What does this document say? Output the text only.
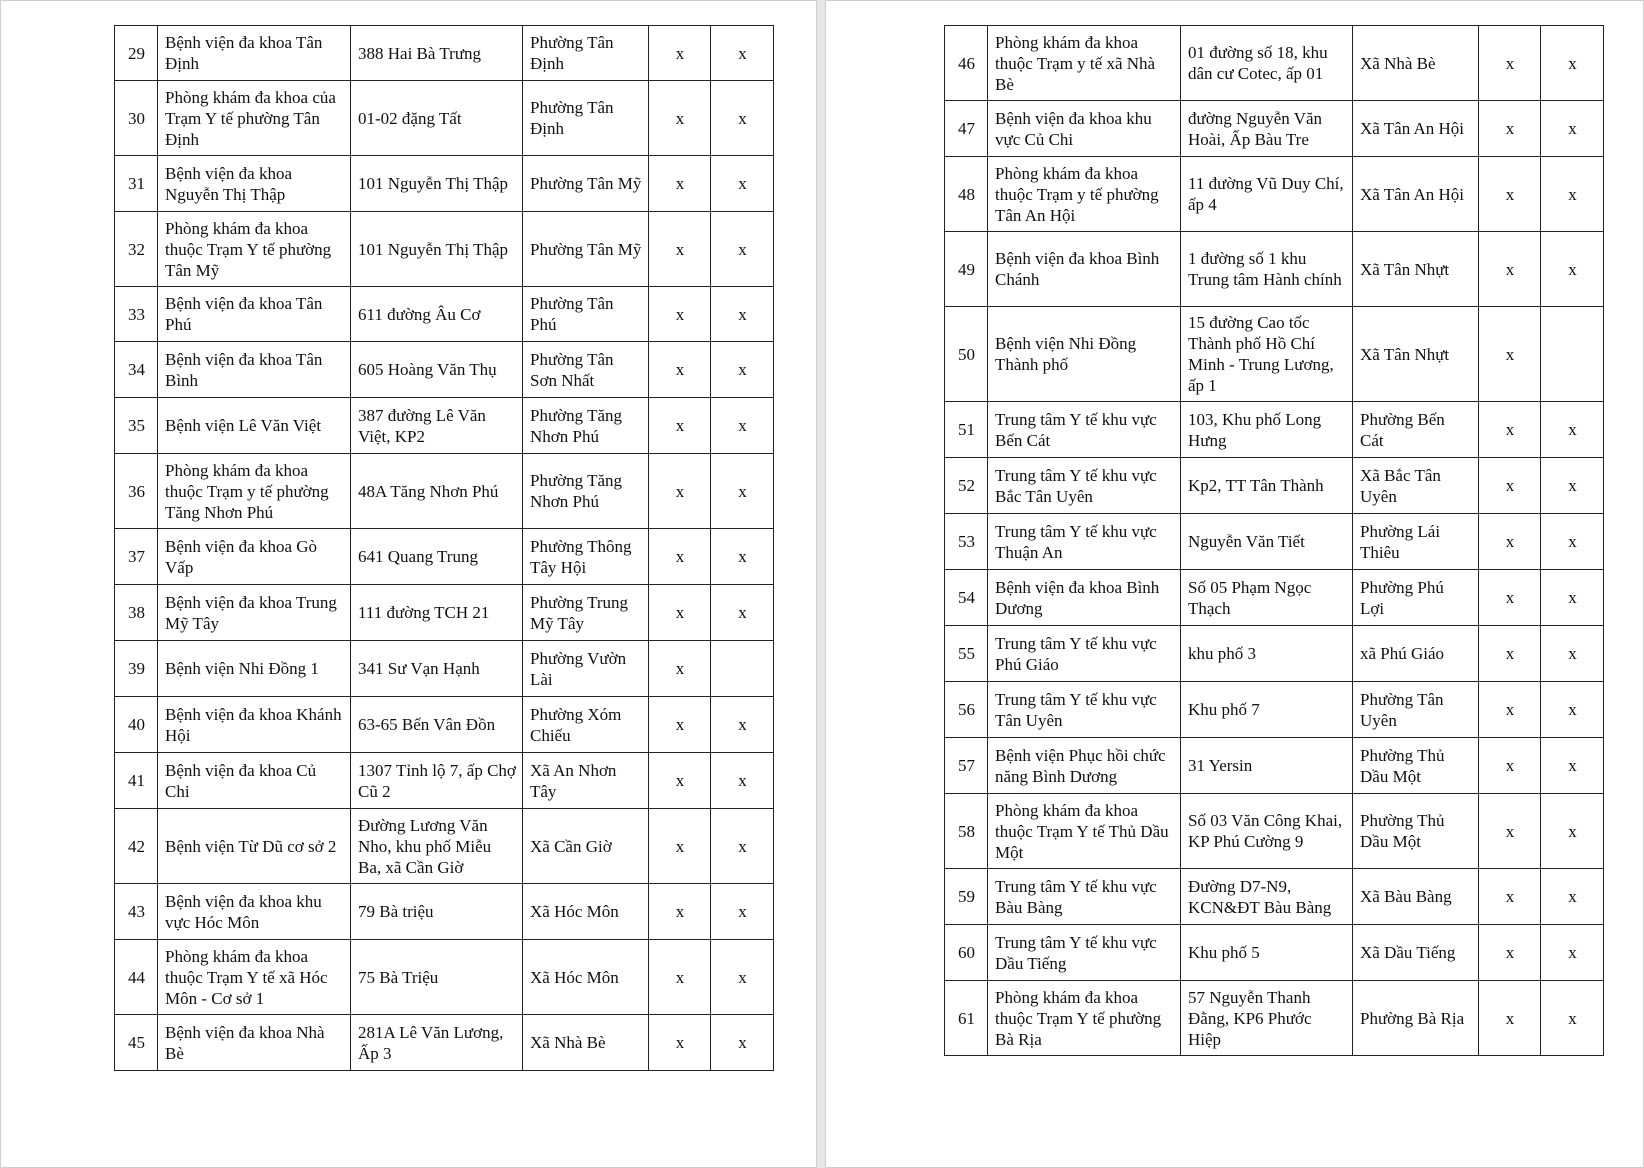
29	Bệnh viện đa khoa Tân Định	388 Hai Bà Trưng	Phường Tân Định	x	x
30	Phòng khám đa khoa của Trạm Y tế phường Tân Định	01-02 đặng Tất	Phường Tân Định	x	x
31	Bệnh viện đa khoa Nguyễn Thị Thập	101 Nguyễn Thị Thập	Phường Tân Mỹ	x	x
32	Phòng khám đa khoa thuộc Trạm Y tế phường Tân Mỹ	101 Nguyễn Thị Thập	Phường Tân Mỹ	x	x
33	Bệnh viện đa khoa Tân Phú	611 đường Âu Cơ	Phường Tân Phú	x	x
34	Bệnh viện đa khoa Tân Bình	605 Hoàng Văn Thụ	Phường Tân Sơn Nhất	x	x
35	Bệnh viện Lê Văn Việt	387 đường Lê Văn Việt, KP2	Phường Tăng Nhơn Phú	x	x
36	Phòng khám đa khoa thuộc Trạm y tế phường Tăng Nhơn Phú	48A Tăng Nhơn Phú	Phường Tăng Nhơn Phú	x	x
37	Bệnh viện đa khoa Gò Vấp	641 Quang Trung	Phường Thông Tây Hội	x	x
38	Bệnh viện đa khoa Trung Mỹ Tây	111 đường TCH 21	Phường Trung Mỹ Tây	x	x
39	Bệnh viện Nhi Đồng 1	341 Sư Vạn Hạnh	Phường Vườn Lài	x	
40	Bệnh viện đa khoa Khánh Hội	63-65 Bến Vân Đồn	Phường Xóm Chiếu	x	x
41	Bệnh viện đa khoa Củ Chi	1307 Tỉnh lộ 7, ấp Chợ Cũ 2	Xã An Nhơn Tây	x	x
42	Bệnh viện Từ Dũ cơ sở 2	Đường Lương Văn Nho, khu phố Miễu Ba, xã Cần Giờ	Xã Cần Giờ	x	x
43	Bệnh viện đa khoa khu vực Hóc Môn	79 Bà triệu	Xã Hóc Môn	x	x
44	Phòng khám đa khoa thuộc Trạm Y tế xã Hóc Môn - Cơ sở 1	75 Bà Triệu	Xã Hóc Môn	x	x
45	Bệnh viện đa khoa Nhà Bè	281A Lê Văn Lương, Ấp 3	Xã Nhà Bè	x	x
46	Phòng khám đa khoa thuộc Trạm y tế xã Nhà Bè	01 đường số 18, khu dân cư Cotec, ấp 01	Xã Nhà Bè	x	x
47	Bệnh viện đa khoa khu vực Củ Chi	đường Nguyễn Văn Hoài, Ấp Bàu Tre	Xã Tân An Hội	x	x
48	Phòng khám đa khoa thuộc Trạm y tế phường Tân An Hội	11 đường Vũ Duy Chí, ấp 4	Xã Tân An Hội	x	x
49	Bệnh viện đa khoa Bình Chánh	1 đường số 1 khu Trung tâm Hành chính	Xã Tân Nhựt	x	x
50	Bệnh viện Nhi Đồng Thành phố	15 đường Cao tốc Thành phố Hồ Chí Minh - Trung Lương, ấp 1	Xã Tân Nhựt	x	
51	Trung tâm Y tế khu vực Bến Cát	103, Khu phố Long Hưng	Phường Bến Cát	x	x
52	Trung tâm Y tế khu vực Bắc Tân Uyên	Kp2, TT Tân Thành	Xã Bắc Tân Uyên	x	x
53	Trung tâm Y tế khu vực Thuận An	Nguyễn Văn Tiết	Phường Lái Thiêu	x	x
54	Bệnh viện đa khoa Bình Dương	Số 05 Phạm Ngọc Thạch	Phường Phú Lợi	x	x
55	Trung tâm Y tế khu vực Phú Giáo	khu phố 3	xã Phú Giáo	x	x
56	Trung tâm Y tế khu vực Tân Uyên	Khu phố 7	Phường Tân Uyên	x	x
57	Bệnh viện Phục hồi chức năng Bình Dương	31 Yersin	Phường Thủ Dầu Một	x	x
58	Phòng khám đa khoa thuộc Trạm Y tế Thủ Dầu Một	Số 03 Văn Công Khai, KP Phú Cường 9	Phường Thủ Dầu Một	x	x
59	Trung tâm Y tế khu vực Bàu Bàng	Đường D7-N9, KCN&ĐT Bàu Bàng	Xã Bàu Bàng	x	x
60	Trung tâm Y tế khu vực Dầu Tiếng	Khu phố 5	Xã Dầu Tiếng	x	x
61	Phòng khám đa khoa thuộc Trạm Y tế phường Bà Rịa	57 Nguyễn Thanh Đằng, KP6 Phước Hiệp	Phường Bà Rịa	x	x
